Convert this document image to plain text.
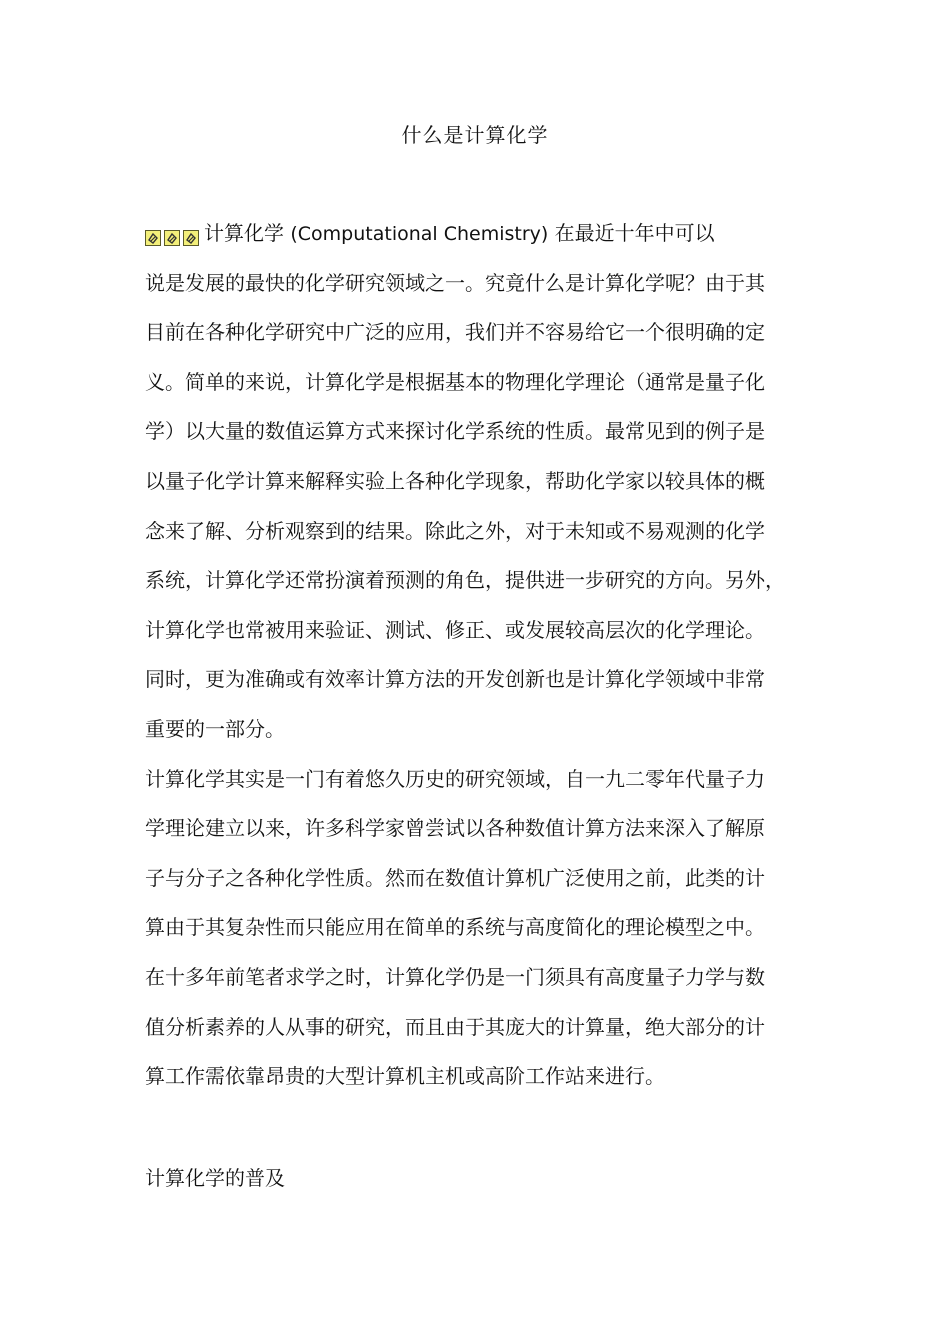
什么是计算化学
计算化学 (Computational Chemistry) 在最近十年中可以
说是发展的最快的化学研究领域之一。究竟什么是计算化学呢？由于其
目前在各种化学研究中广泛的应用，我们并不容易给它一个很明确的定
义。简单的来说，计算化学是根据基本的物理化学理论（通常是量子化
学）以大量的数值运算方式来探讨化学系统的性质。最常见到的例子是
以量子化学计算来解释实验上各种化学现象，帮助化学家以较具体的概
念来了解、分析观察到的结果。除此之外，对于未知或不易观测的化学
系统，计算化学还常扮演着预测的角色，提供进一步研究的方向。另外，
计算化学也常被用来验证、测试、修正、或发展较高层次的化学理论。
同时，更为准确或有效率计算方法的开发创新也是计算化学领域中非常
重要的一部分。
计算化学其实是一门有着悠久历史的研究领域，自一九二零年代量子力
学理论建立以来，许多科学家曾尝试以各种数值计算方法来深入了解原
子与分子之各种化学性质。然而在数值计算机广泛使用之前，此类的计
算由于其复杂性而只能应用在简单的系统与高度简化的理论模型之中。
在十多年前笔者求学之时，计算化学仍是一门须具有高度量子力学与数
值分析素养的人从事的研究，而且由于其庞大的计算量，绝大部分的计
算工作需依靠昂贵的大型计算机主机或高阶工作站来进行。
计算化学的普及
